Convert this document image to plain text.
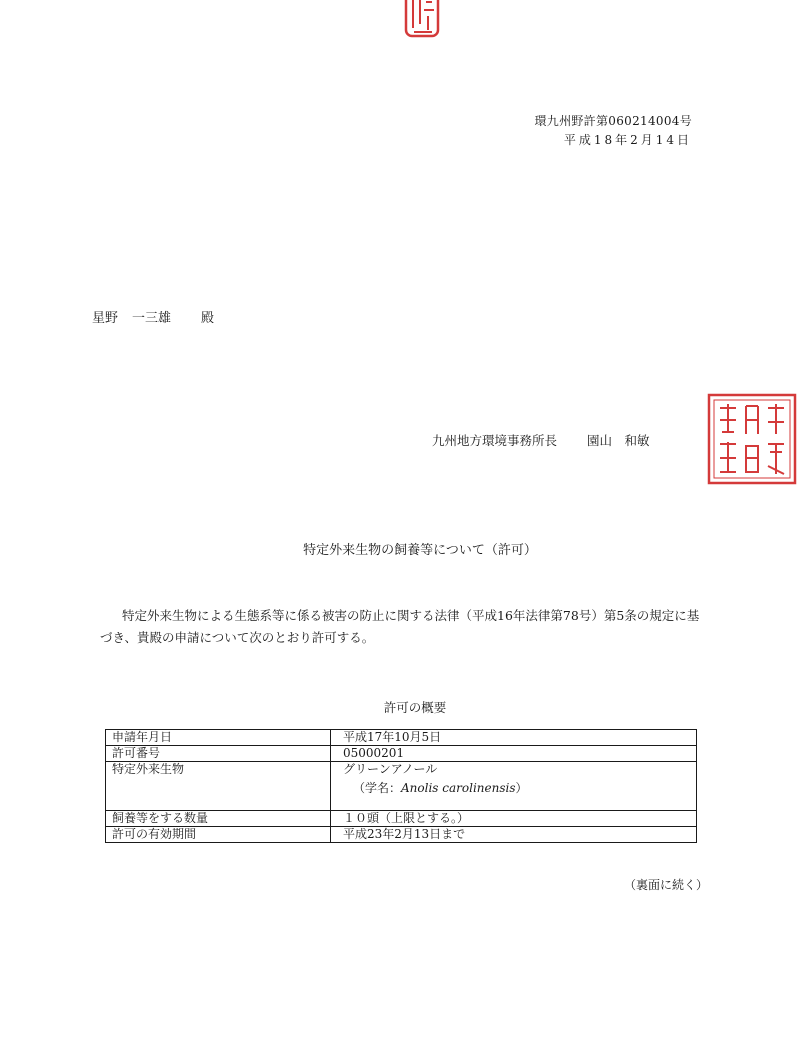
環九州野許第060214004号
平成18年2月14日
星野 一三雄 殿
九州地方環境事務所長 園山　和敏
特定外来生物の飼養等について（許可）

特定外来生物による生態系等に係る被害の防止に関する法律（平成16年法律第78号）第5条の規定に基づき、貴殿の申請について次のとおり許可する。

許可の概要
申請年月日	平成17年10月5日
許可番号	05000201
特定外来生物	グリーンアノール
（学名：Anolis carolinensis）

飼養等をする数量	１０頭（上限とする。）
許可の有効期間	平成23年2月13日まで
（裏面に続く）
